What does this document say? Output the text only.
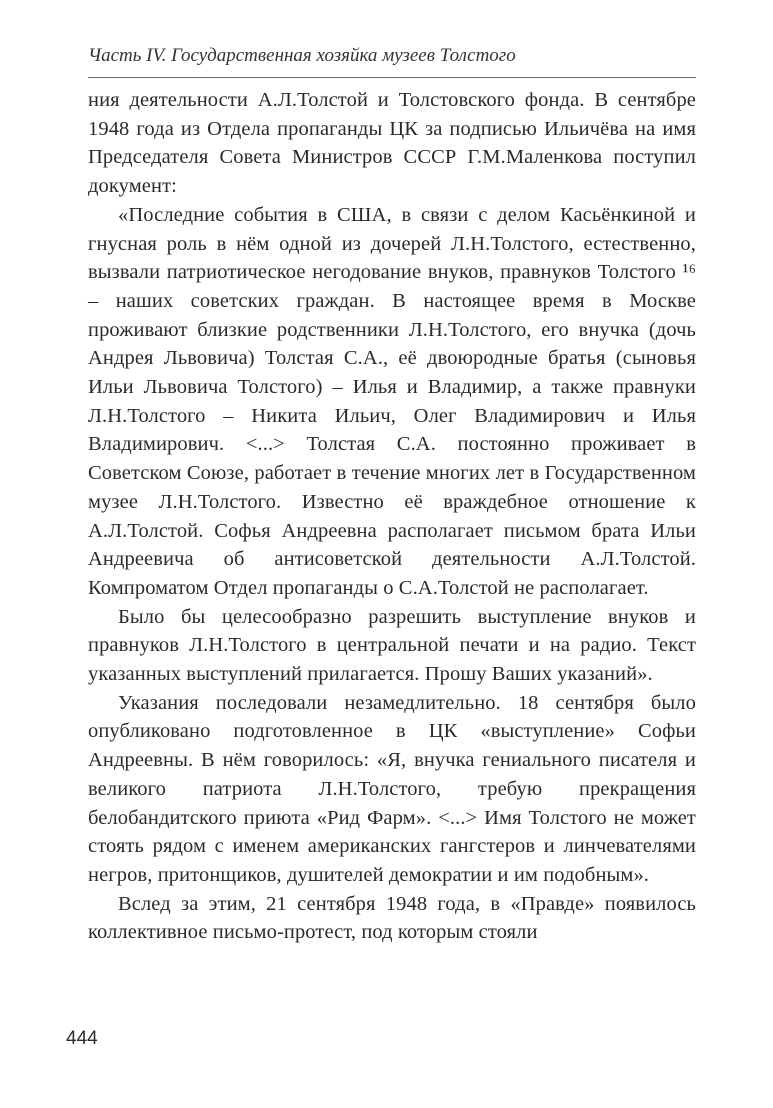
Часть IV. Государственная хозяйка музеев Толстого

ния деятельности А.Л.Толстой и Толстовского фонда. В сентябре 1948 года из Отдела пропаганды ЦК за подписью Ильичёва на имя Председателя Совета Министров СССР Г.М.Маленкова поступил документ:

«Последние события в США, в связи с делом Касьёнкиной и гнусная роль в нём одной из дочерей Л.Н.Толстого, естественно, вызвали патриотическое негодование внуков, правнуков Толстого ¹⁶ – наших советских граждан. В настоящее время в Москве проживают близкие родственники Л.Н.Толстого, его внучка (дочь Андрея Львовича) Толстая С.А., её двоюродные братья (сыновья Ильи Львовича Толстого) – Илья и Владимир, а также правнуки Л.Н.Толстого – Никита Ильич, Олег Владимирович и Илья Владимирович. <...> Толстая С.А. постоянно проживает в Советском Союзе, работает в течение многих лет в Государственном музее Л.Н.Толстого. Известно её враждебное отношение к А.Л.Толстой. Софья Андреевна располагает письмом брата Ильи Андреевича об антисоветской деятельности А.Л.Толстой. Компроматом Отдел пропаганды о С.А.Толстой не располагает.

Было бы целесообразно разрешить выступление внуков и правнуков Л.Н.Толстого в центральной печати и на радио. Текст указанных выступлений прилагается. Прошу Ваших указаний».

Указания последовали незамедлительно. 18 сентября было опубликовано подготовленное в ЦК «выступление» Софьи Андреевны. В нём говорилось: «Я, внучка гениального писателя и великого патриота Л.Н.Толстого, требую прекращения белобандитского приюта «Рид Фарм». <...> Имя Толстого не может стоять рядом с именем американских гангстеров и линчевателями негров, притонщиков, душителей демократии и им подобным».

Вслед за этим, 21 сентября 1948 года, в «Правде» появилось коллективное письмо-протест, под которым стояли

444
